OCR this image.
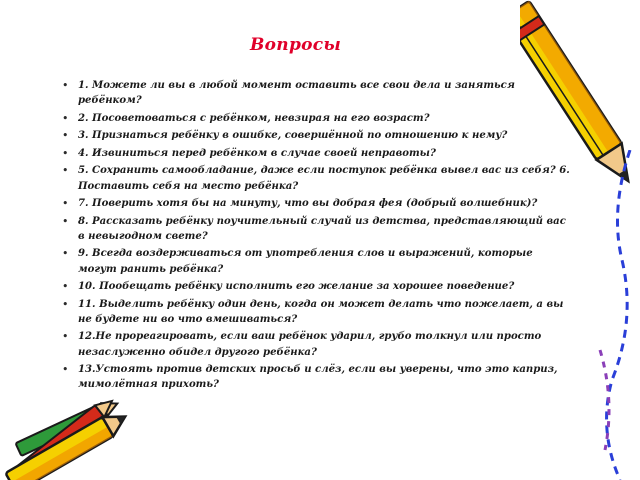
Вопросы
• 1. Можете ли вы в любой момент оставить все свои дела и заняться ребёнком?
• 2. Посоветоваться с ребёнком, невзирая на его возраст?
• 3. Признаться ребёнку в ошибке, совершённой по отношению к нему?
• 4. Извиниться перед ребёнком в случае своей неправоты?
• 5. Сохранить самообладание, даже если поступок ребёнка вывел вас из себя? 6. Поставить себя на место ребёнка?
• 7. Поверить хотя бы на минуту, что вы добрая фея (добрый волшебник)?
• 8. Рассказать ребёнку поучительный случай из детства, представляющий вас в невыгодном свете?
• 9. Всегда воздерживаться от употребления слов и выражений, которые могут ранить ребёнка?
• 10. Пообещать ребёнку исполнить его желание за хорошее поведение?
• 11. Выделить ребёнку один день, когда он может делать что пожелает, а вы не будете ни во что вмешиваться?
• 12.Не прореагировать, если ваш ребёнок ударил, грубо толкнул или просто незаслуженно обидел другого ребёнка?
• 13.Устоять против детских просьб и слёз, если вы уверены, что это каприз, мимолётная прихоть?
